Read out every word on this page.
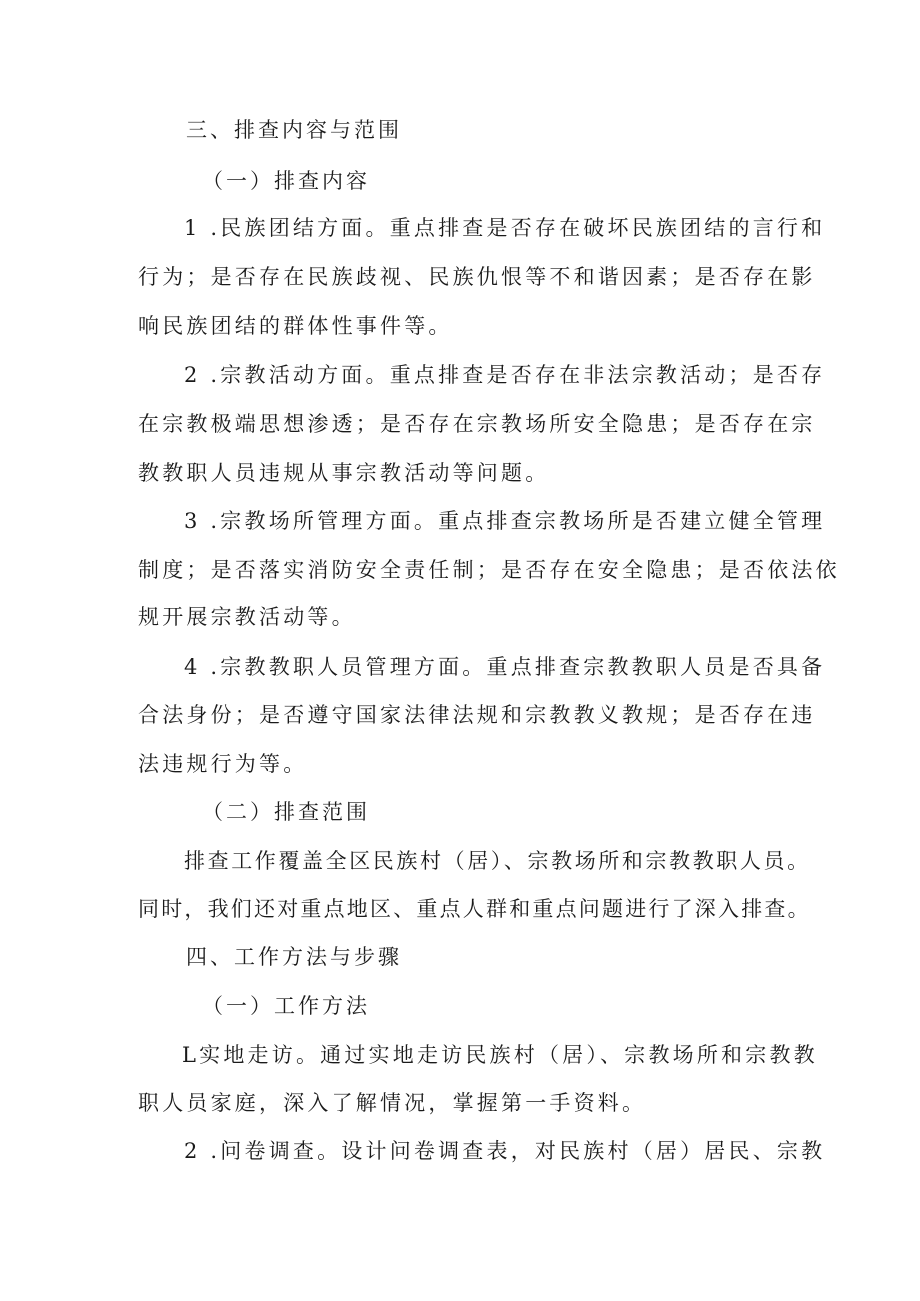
三、排查内容与范围
（一）排查内容
1 .民族团结方面。重点排查是否存在破坏民族团结的言行和
行为；是否存在民族歧视、民族仇恨等不和谐因素；是否存在影
响民族团结的群体性事件等。
2 .宗教活动方面。重点排查是否存在非法宗教活动；是否存
在宗教极端思想渗透；是否存在宗教场所安全隐患；是否存在宗
教教职人员违规从事宗教活动等问题。
3 .宗教场所管理方面。重点排查宗教场所是否建立健全管理
制度；是否落实消防安全责任制；是否存在安全隐患；是否依法依
规开展宗教活动等。
4 .宗教教职人员管理方面。重点排查宗教教职人员是否具备
合法身份；是否遵守国家法律法规和宗教教义教规；是否存在违
法违规行为等。
（二）排查范围
排查工作覆盖全区民族村（居）、宗教场所和宗教教职人员。
同时，我们还对重点地区、重点人群和重点问题进行了深入排查。
四、工作方法与步骤
（一）工作方法
L实地走访。通过实地走访民族村（居）、宗教场所和宗教教
职人员家庭，深入了解情况，掌握第一手资料。
2 .问卷调查。设计问卷调查表，对民族村（居）居民、宗教
